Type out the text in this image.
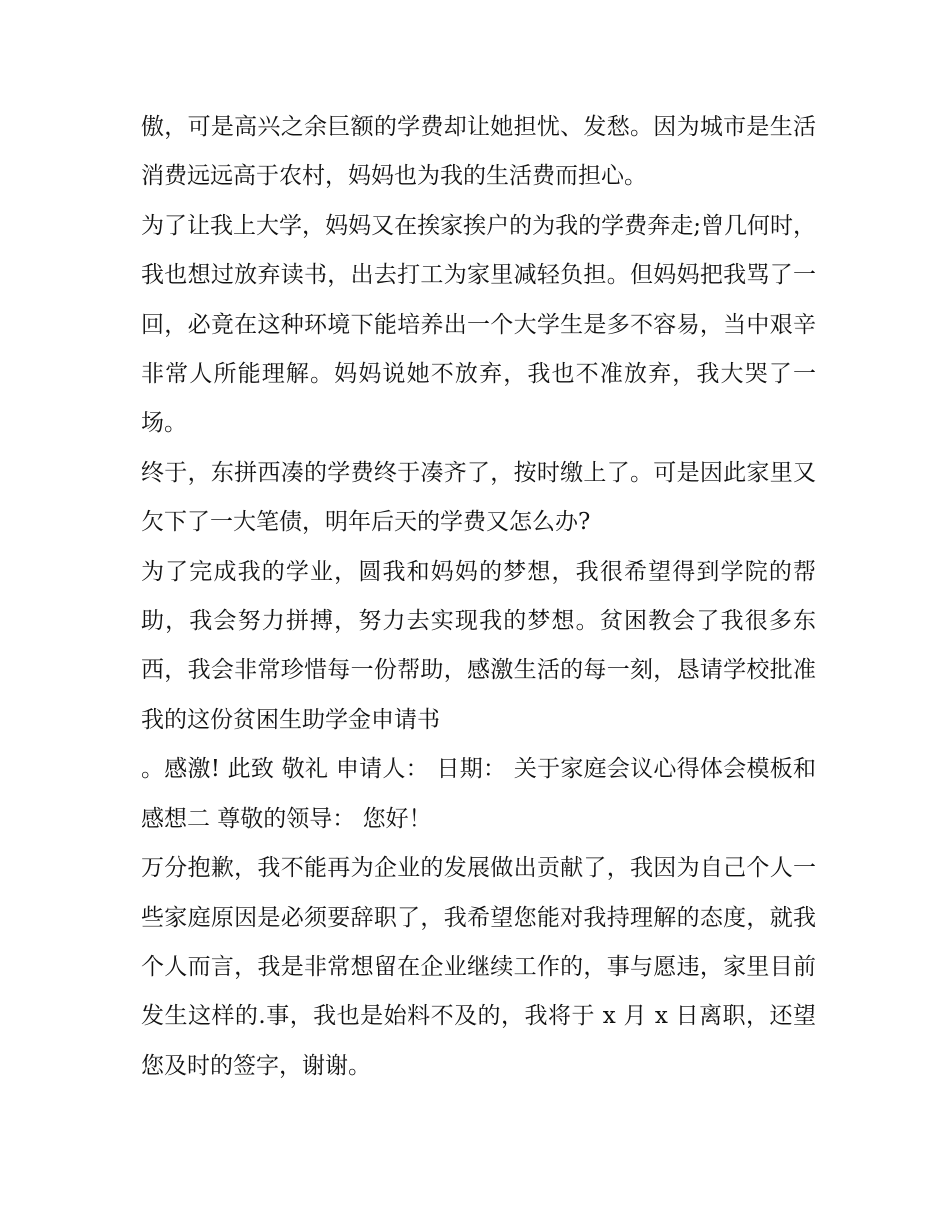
傲，可是高兴之余巨额的学费却让她担忧、发愁。因为城市是生活消费远远高于农村，妈妈也为我的生活费而担心。

为了让我上大学，妈妈又在挨家挨户的为我的学费奔走;曾几何时，我也想过放弃读书，出去打工为家里减轻负担。但妈妈把我骂了一回，必竟在这种环境下能培养出一个大学生是多不容易，当中艰辛非常人所能理解。妈妈说她不放弃，我也不准放弃，我大哭了一场。

终于，东拼西凑的学费终于凑齐了，按时缴上了。可是因此家里又欠下了一大笔债，明年后天的学费又怎么办?

为了完成我的学业，圆我和妈妈的梦想，我很希望得到学院的帮助，我会努力拼搏，努力去实现我的梦想。贫困教会了我很多东西，我会非常珍惜每一份帮助，感激生活的每一刻，恳请学校批准我的这份贫困生助学金申请书

。感激! 此致 敬礼 申请人： 日期： 关于家庭会议心得体会模板和感想二 尊敬的领导： 您好！

万分抱歉，我不能再为企业的发展做出贡献了，我因为自己个人一些家庭原因是必须要辞职了，我希望您能对我持理解的态度，就我个人而言，我是非常想留在企业继续工作的，事与愿违，家里目前发生这样的.事，我也是始料不及的，我将于 x 月 x 日离职，还望您及时的签字，谢谢。
